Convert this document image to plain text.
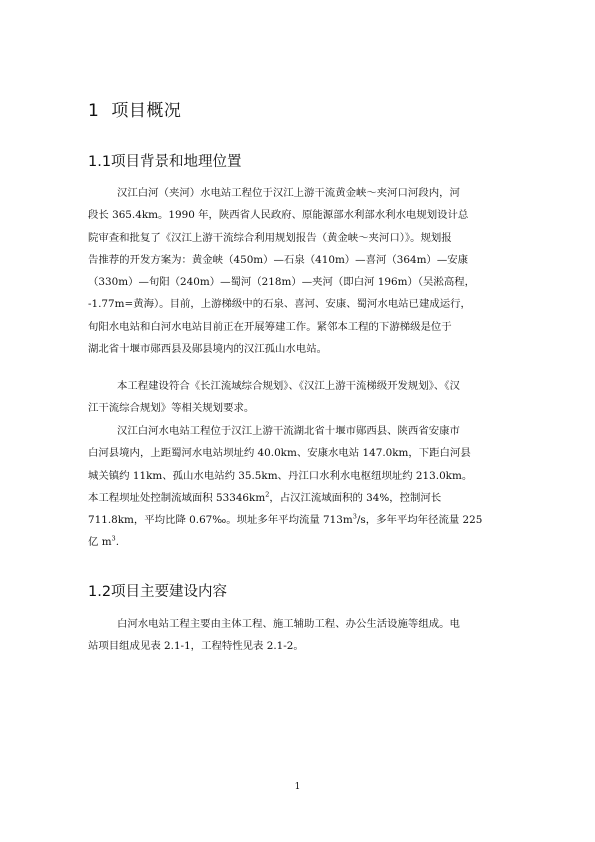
1 项目概况
1.1项目背景和地理位置
汉江白河（夹河）水电站工程位于汉江上游干流黄金峡～夹河口河段内，河
段长 365.4km。1990 年，陕西省人民政府、原能源部水利部水利水电规划设计总
院审查和批复了《汉江上游干流综合利用规划报告（黄金峡～夹河口）》。规划报
告推荐的开发方案为：黄金峡（450m）—石泉（410m）—喜河（364m）—安康
（330m）—旬阳（240m）—蜀河（218m）—夹河（即白河 196m）（吴淞高程，
-1.77m=黄海）。目前，上游梯级中的石泉、喜河、安康、蜀河水电站已建成运行，
旬阳水电站和白河水电站目前正在开展筹建工作。紧邻本工程的下游梯级是位于
湖北省十堰市郧西县及郧县境内的汉江孤山水电站。
本工程建设符合《长江流域综合规划》、《汉江上游干流梯级开发规划》、《汉
江干流综合规划》等相关规划要求。
汉江白河水电站工程位于汉江上游干流湖北省十堰市郧西县、陕西省安康市
白河县境内，上距蜀河水电站坝址约 40.0km、安康水电站 147.0km，下距白河县
城关镇约 11km、孤山水电站约 35.5km、丹江口水利水电枢纽坝址约 213.0km。
本工程坝址处控制流域面积 $53346km^2$，占汉江流域面积的 34%，控制河长
711.8km，平均比降 0.67‰。坝址多年平均流量 $713m^3/s$，多年平均年径流量 225
亿 $m^3$.
1.2项目主要建设内容
白河水电站工程主要由主体工程、施工辅助工程、办公生活设施等组成。电
站项目组成见表 2.1-1，工程特性见表 2.1-2。
1
